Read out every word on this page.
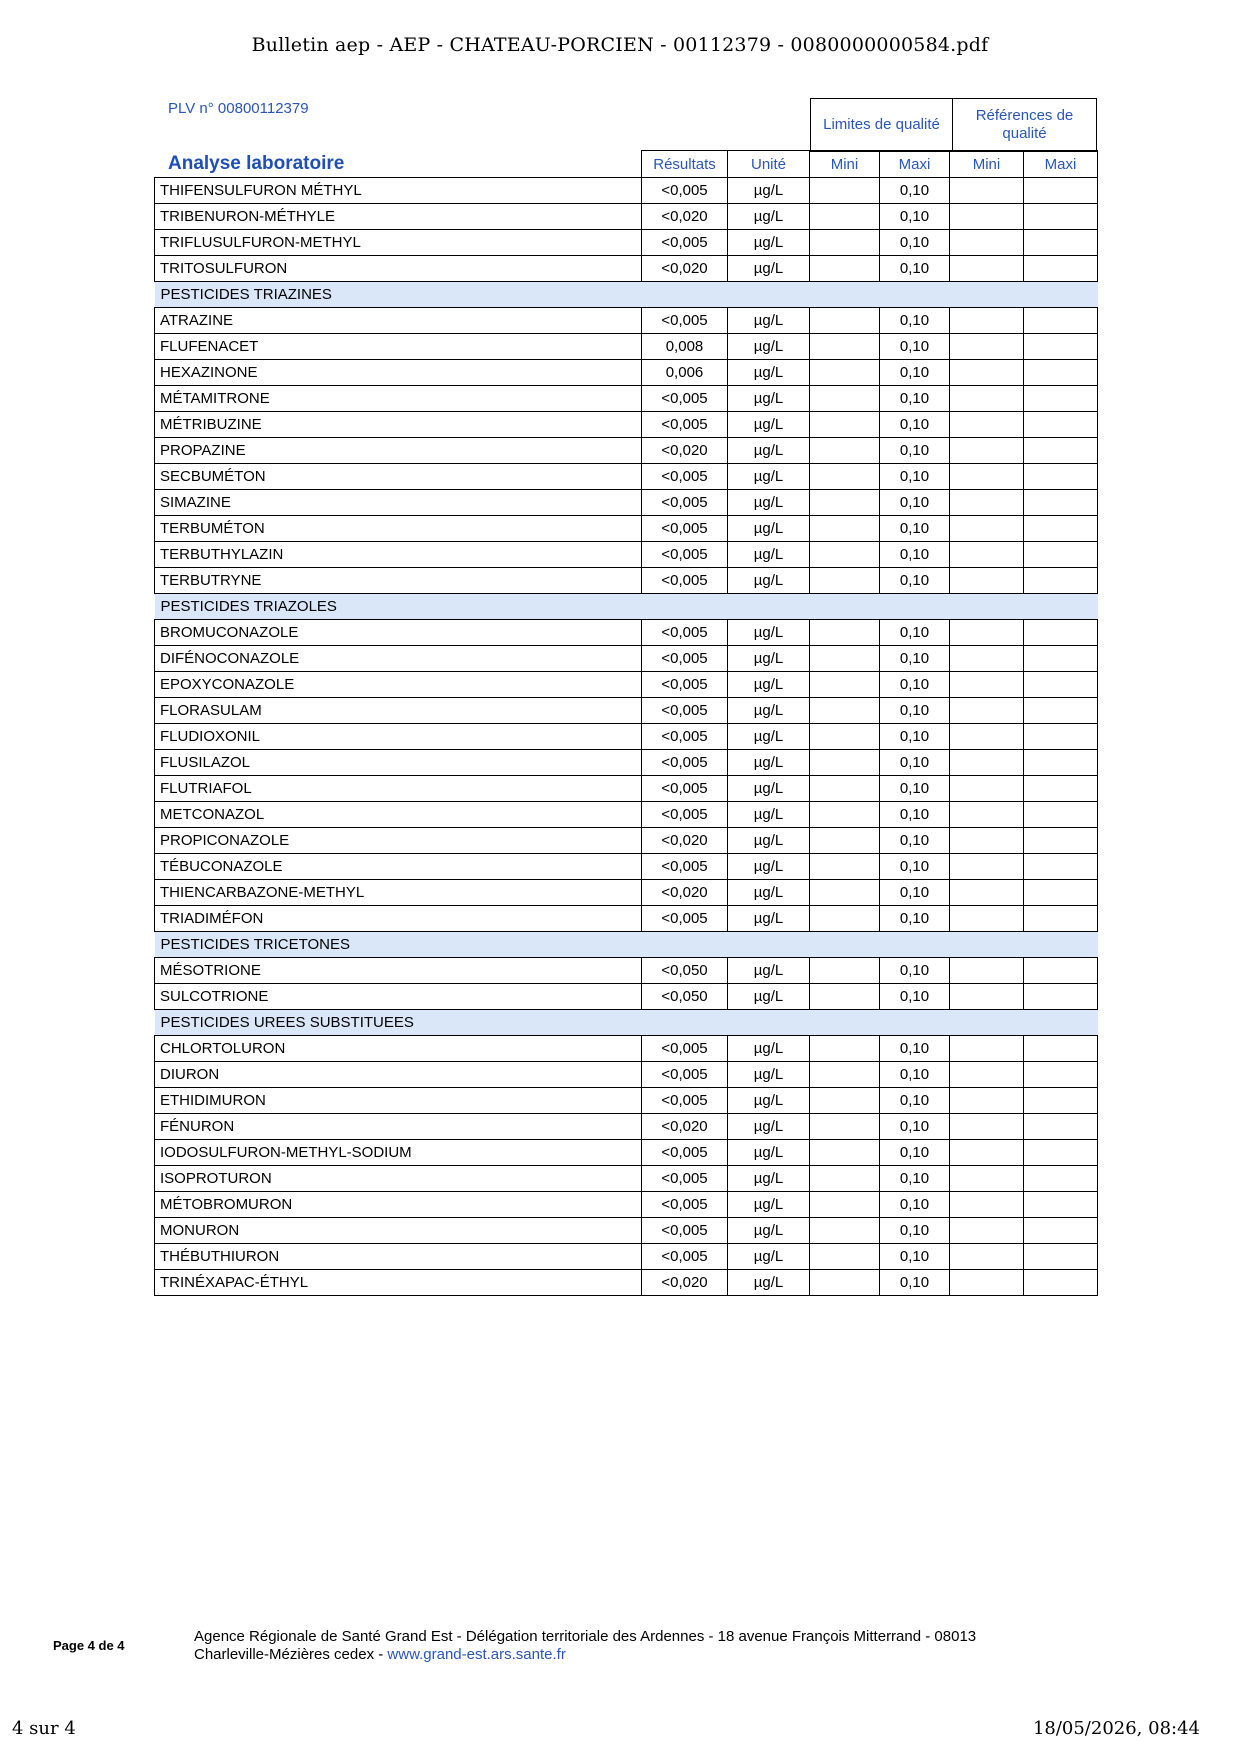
Bulletin aep - AEP - CHATEAU-PORCIEN - 00112379 - 0080000000584.pdf
PLV n° 00800112379
Limites de qualité
Références de qualité
Analyse laboratoire
		Résultats	Unité	Mini	Maxi	Mini	Maxi
THIFENSULFURON MÉTHYL	<0,005	µg/L		0,10		
TRIBENURON-MÉTHYLE	<0,020	µg/L		0,10		
TRIFLUSULFURON-METHYL	<0,005	µg/L		0,10		
TRITOSULFURON	<0,020	µg/L		0,10		
PESTICIDES TRIAZINES						
ATRAZINE	<0,005	µg/L		0,10		
FLUFENACET	0,008	µg/L		0,10		
HEXAZINONE	0,006	µg/L		0,10		
MÉTAMITRONE	<0,005	µg/L		0,10		
MÉTRIBUZINE	<0,005	µg/L		0,10		
PROPAZINE	<0,020	µg/L		0,10		
SECBUMÉTON	<0,005	µg/L		0,10		
SIMAZINE	<0,005	µg/L		0,10		
TERBUMÉTON	<0,005	µg/L		0,10		
TERBUTHYLAZIN	<0,005	µg/L		0,10		
TERBUTRYNE	<0,005	µg/L		0,10		
PESTICIDES TRIAZOLES						
BROMUCONAZOLE	<0,005	µg/L		0,10		
DIFÉNOCONAZOLE	<0,005	µg/L		0,10		
EPOXYCONAZOLE	<0,005	µg/L		0,10		
FLORASULAM	<0,005	µg/L		0,10		
FLUDIOXONIL	<0,005	µg/L		0,10		
FLUSILAZOL	<0,005	µg/L		0,10		
FLUTRIAFOL	<0,005	µg/L		0,10		
METCONAZOL	<0,005	µg/L		0,10		
PROPICONAZOLE	<0,020	µg/L		0,10		
TÉBUCONAZOLE	<0,005	µg/L		0,10		
THIENCARBAZONE-METHYL	<0,020	µg/L		0,10		
TRIADIMÉFON	<0,005	µg/L		0,10		
PESTICIDES TRICETONES						
MÉSOTRIONE	<0,050	µg/L		0,10		
SULCOTRIONE	<0,050	µg/L		0,10		
PESTICIDES UREES SUBSTITUEES						
CHLORTOLURON	<0,005	µg/L		0,10		
DIURON	<0,005	µg/L		0,10		
ETHIDIMURON	<0,005	µg/L		0,10		
FÉNURON	<0,020	µg/L		0,10		
IODOSULFURON-METHYL-SODIUM	<0,005	µg/L		0,10		
ISOPROTURON	<0,005	µg/L		0,10		
MÉTOBROMURON	<0,005	µg/L		0,10		
MONURON	<0,005	µg/L		0,10		
THÉBUTHIURON	<0,005	µg/L		0,10		
TRINÉXAPAC-ÉTHYL	<0,020	µg/L		0,10		
Page 4 de 4
Agence Régionale de Santé Grand Est - Délégation territoriale des Ardennes - 18 avenue François Mitterrand - 08013
Charleville-Mézières cedex - www.grand-est.ars.sante.fr
4 sur 4	18/05/2026, 08:44
